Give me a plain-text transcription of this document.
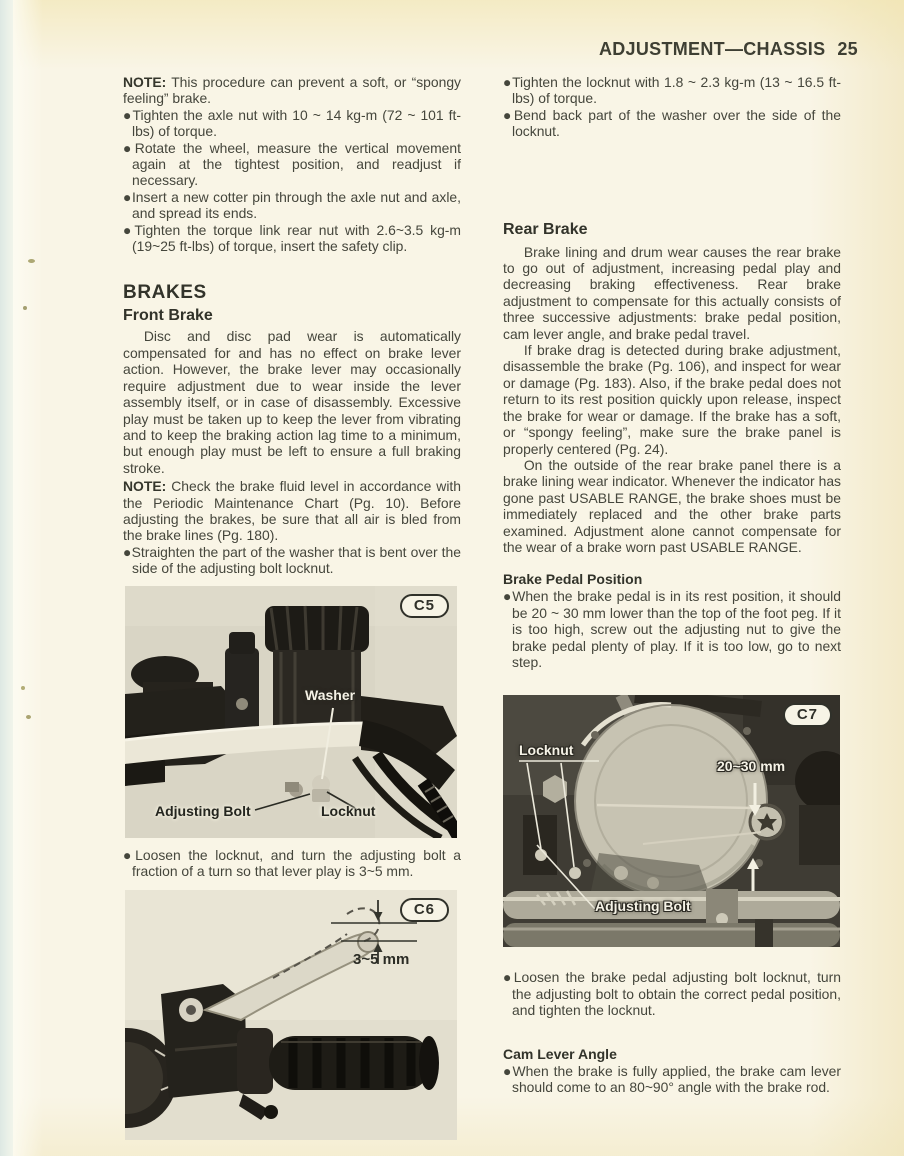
ADJUSTMENT—CHASSIS 25

NOTE: This procedure can prevent a soft, or “spongy feeling” brake.

●Tighten the axle nut with 10 ~ 14 kg-m (72 ~ 101 ft-lbs) of torque.

●Rotate the wheel, measure the vertical movement again at the tightest position, and readjust if necessary.

●Insert a new cotter pin through the axle nut and axle, and spread its ends.

●Tighten the torque link rear nut with 2.6~3.5 kg-m (19~25 ft-lbs) of torque, insert the safety clip.

BRAKES
Front Brake

Disc and disc pad wear is automatically compensated for and has no effect on brake lever action. However, the brake lever may occasionally require adjustment due to wear inside the lever assembly itself, or in case of disassembly. Excessive play must be taken up to keep the lever from vibrating and to keep the braking action lag time to a minimum, but enough play must be left to ensure a full braking stroke.

NOTE: Check the brake fluid level in accordance with the Periodic Maintenance Chart (Pg. 10). Before adjusting the brakes, be sure that all air is bled from the brake lines (Pg. 180).

●Straighten the part of the washer that is bent over the side of the adjusting bolt locknut.

Washer
Adjusting Bolt	Locknut
C5

●Loosen the locknut, and turn the adjusting bolt a fraction of a turn so that lever play is 3~5 mm.

3~5 mm
C6

●Tighten the locknut with 1.8 ~ 2.3 kg-m (13 ~ 16.5 ft-lbs) of torque.

●Bend back part of the washer over the side of the locknut.

Rear Brake

Brake lining and drum wear causes the rear brake to go out of adjustment, increasing pedal play and decreasing braking effectiveness. Rear brake adjustment to compensate for this actually consists of three successive adjustments: brake pedal position, cam lever angle, and brake pedal travel.

If brake drag is detected during brake adjustment, disassemble the brake (Pg. 106), and inspect for wear or damage (Pg. 183). Also, if the brake pedal does not return to its rest position quickly upon release, inspect the brake for wear or damage. If the brake has a soft, or “spongy feeling”, make sure the brake panel is properly centered (Pg. 24).

On the outside of the rear brake panel there is a brake lining wear indicator. Whenever the indicator has gone past USABLE RANGE, the brake shoes must be immediately replaced and the other brake parts examined. Adjustment alone cannot compensate for the wear of a brake worn past USABLE RANGE.

Brake Pedal Position

●When the brake pedal is in its rest position, it should be 20 ~ 30 mm lower than the top of the foot peg. If it is too high, screw out the adjusting nut to give the brake pedal plenty of play. If it is too low, go to next step.

Locknut
20~30 mm
Adjusting Bolt
C7

●Loosen the brake pedal adjusting bolt locknut, turn the adjusting bolt to obtain the correct pedal position, and tighten the locknut.

Cam Lever Angle

●When the brake is fully applied, the brake cam lever should come to an 80~90° angle with the brake rod.
